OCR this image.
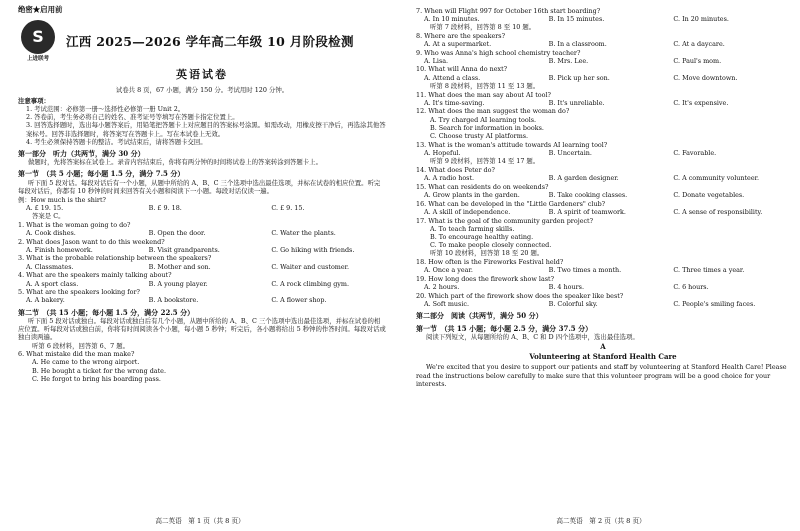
绝密★启用前
S
上进联考
江西 2025—2026 学年高二年级 10 月阶段检测
英语试卷
试卷共 8 页，67 小题，满分 150 分。考试用时 120 分钟。
注意事项：
1. 考试范围：必修第一册～选择性必修第一册 Unit 2。
2. 答卷前，考生务必将自己的姓名、准考证号等填写在答题卡指定位置上。
3. 回答选择题时，选出每小题答案后，用铅笔把答题卡上对应题目的答案标号涂黑。如需改动，用橡皮擦干净后，再选涂其他答案标号。回答非选择题时，将答案写在答题卡上。写在本试卷上无效。
4. 考生必须保持答题卡的整洁。考试结束后，请将答题卡交回。
第一部分　听力（共两节，满分 30 分）
做题时，先将答案标在试卷上。录音内容结束后，你将有两分钟的时间将试卷上的答案转涂到答题卡上。
第一节　（共 5 小题；每小题 1.5 分，满分 7.5 分）
听下面 5 段对话。每段对话后有一个小题，从题中所给的 A、B、C 三个选项中选出最佳选项，并标在试卷的相应位置。听完每段对话后，你都有 10 秒钟的时间来回答有关小题和阅读下一小题。每段对话仅读一遍。
例：How much is the shirt?
A. £ 19. 15.	B. £ 9. 18.	C. £ 9. 15.
答案是 C。
1. What is the woman going to do?
A. Cook dishes.	B. Open the door.	C. Water the plants.
2. What does Jason want to do this weekend?
A. Finish homework.	B. Visit grandparents.	C. Go hiking with friends.
3. What is the probable relationship between the speakers?
A. Classmates.	B. Mother and son.	C. Waiter and customer.
4. What are the speakers mainly talking about?
A. A sport class.	B. A young player.	C. A rock climbing gym.
5. What are the speakers looking for?
A. A bakery.	B. A bookstore.	C. A flower shop.
第二节　（共 15 小题；每小题 1.5 分，满分 22.5 分）
听下面 5 段对话或独白。每段对话或独白后有几个小题，从题中所给的 A、B、C 三个选项中选出最佳选项，并标在试卷的相应位置。听每段对话或独白前，你将有时间阅读各个小题，每小题 5 秒钟；听完后，各小题将给出 5 秒钟的作答时间。每段对话或独白读两遍。
听第 6 段材料，回答第 6、7 题。
6. What mistake did the man make?
A. He came to the wrong airport.
B. He bought a ticket for the wrong date.
C. He forgot to bring his boarding pass.
高二英语　第 1 页（共 8 页）
7. When will Flight 997 for October 16th start boarding?
A. In 10 minutes.	B. In 15 minutes.	C. In 20 minutes.
听第 7 段材料，回答第 8 至 10 题。
8. Where are the speakers?
A. At a supermarket.	B. In a classroom.	C. At a daycare.
9. Who was Anna's high school chemistry teacher?
A. Lisa.	B. Mrs. Lee.	C. Paul's mom.
10. What will Anna do next?
A. Attend a class.	B. Pick up her son.	C. Move downtown.
听第 8 段材料，回答第 11 至 13 题。
11. What does the man say about AI tool?
A. It's time-saving.	B. It's unreliable.	C. It's expensive.
12. What does the man suggest the woman do?
A. Try charged AI learning tools.
B. Search for information in books.
C. Choose trusty AI platforms.
13. What is the woman's attitude towards AI learning tool?
A. Hopeful.	B. Uncertain.	C. Favorable.
听第 9 段材料，回答第 14 至 17 题。
14. What does Peter do?
A. A radio host.	B. A garden designer.	C. A community volunteer.
15. What can residents do on weekends?
A. Grow plants in the garden.	B. Take cooking classes.	C. Donate vegetables.
16. What can be developed in the "Little Gardeners" club?
A. A skill of independence.	B. A spirit of teamwork.	C. A sense of responsibility.
17. What is the goal of the community garden project?
A. To teach farming skills.
B. To encourage healthy eating.
C. To make people closely connected.
听第 10 段材料，回答第 18 至 20 题。
18. How often is the Fireworks Festival held?
A. Once a year.	B. Two times a month.	C. Three times a year.
19. How long does the firework show last?
A. 2 hours.	B. 4 hours.	C. 6 hours.
20. Which part of the firework show does the speaker like best?
A. Soft music.	B. Colorful sky.	C. People's smiling faces.
第二部分　阅读（共两节，满分 50 分）
第一节　（共 15 小题；每小题 2.5 分，满分 37.5 分）
阅读下列短文，从每题所给的 A、B、C 和 D 四个选项中，选出最佳选项。
A
Volunteering at Stanford Health Care
We're excited that you desire to support our patients and staff by volunteering at Stanford Health Care! Please read the instructions below carefully to make sure that this volunteer program will be a good choice for your interests.
高二英语　第 2 页（共 8 页）
